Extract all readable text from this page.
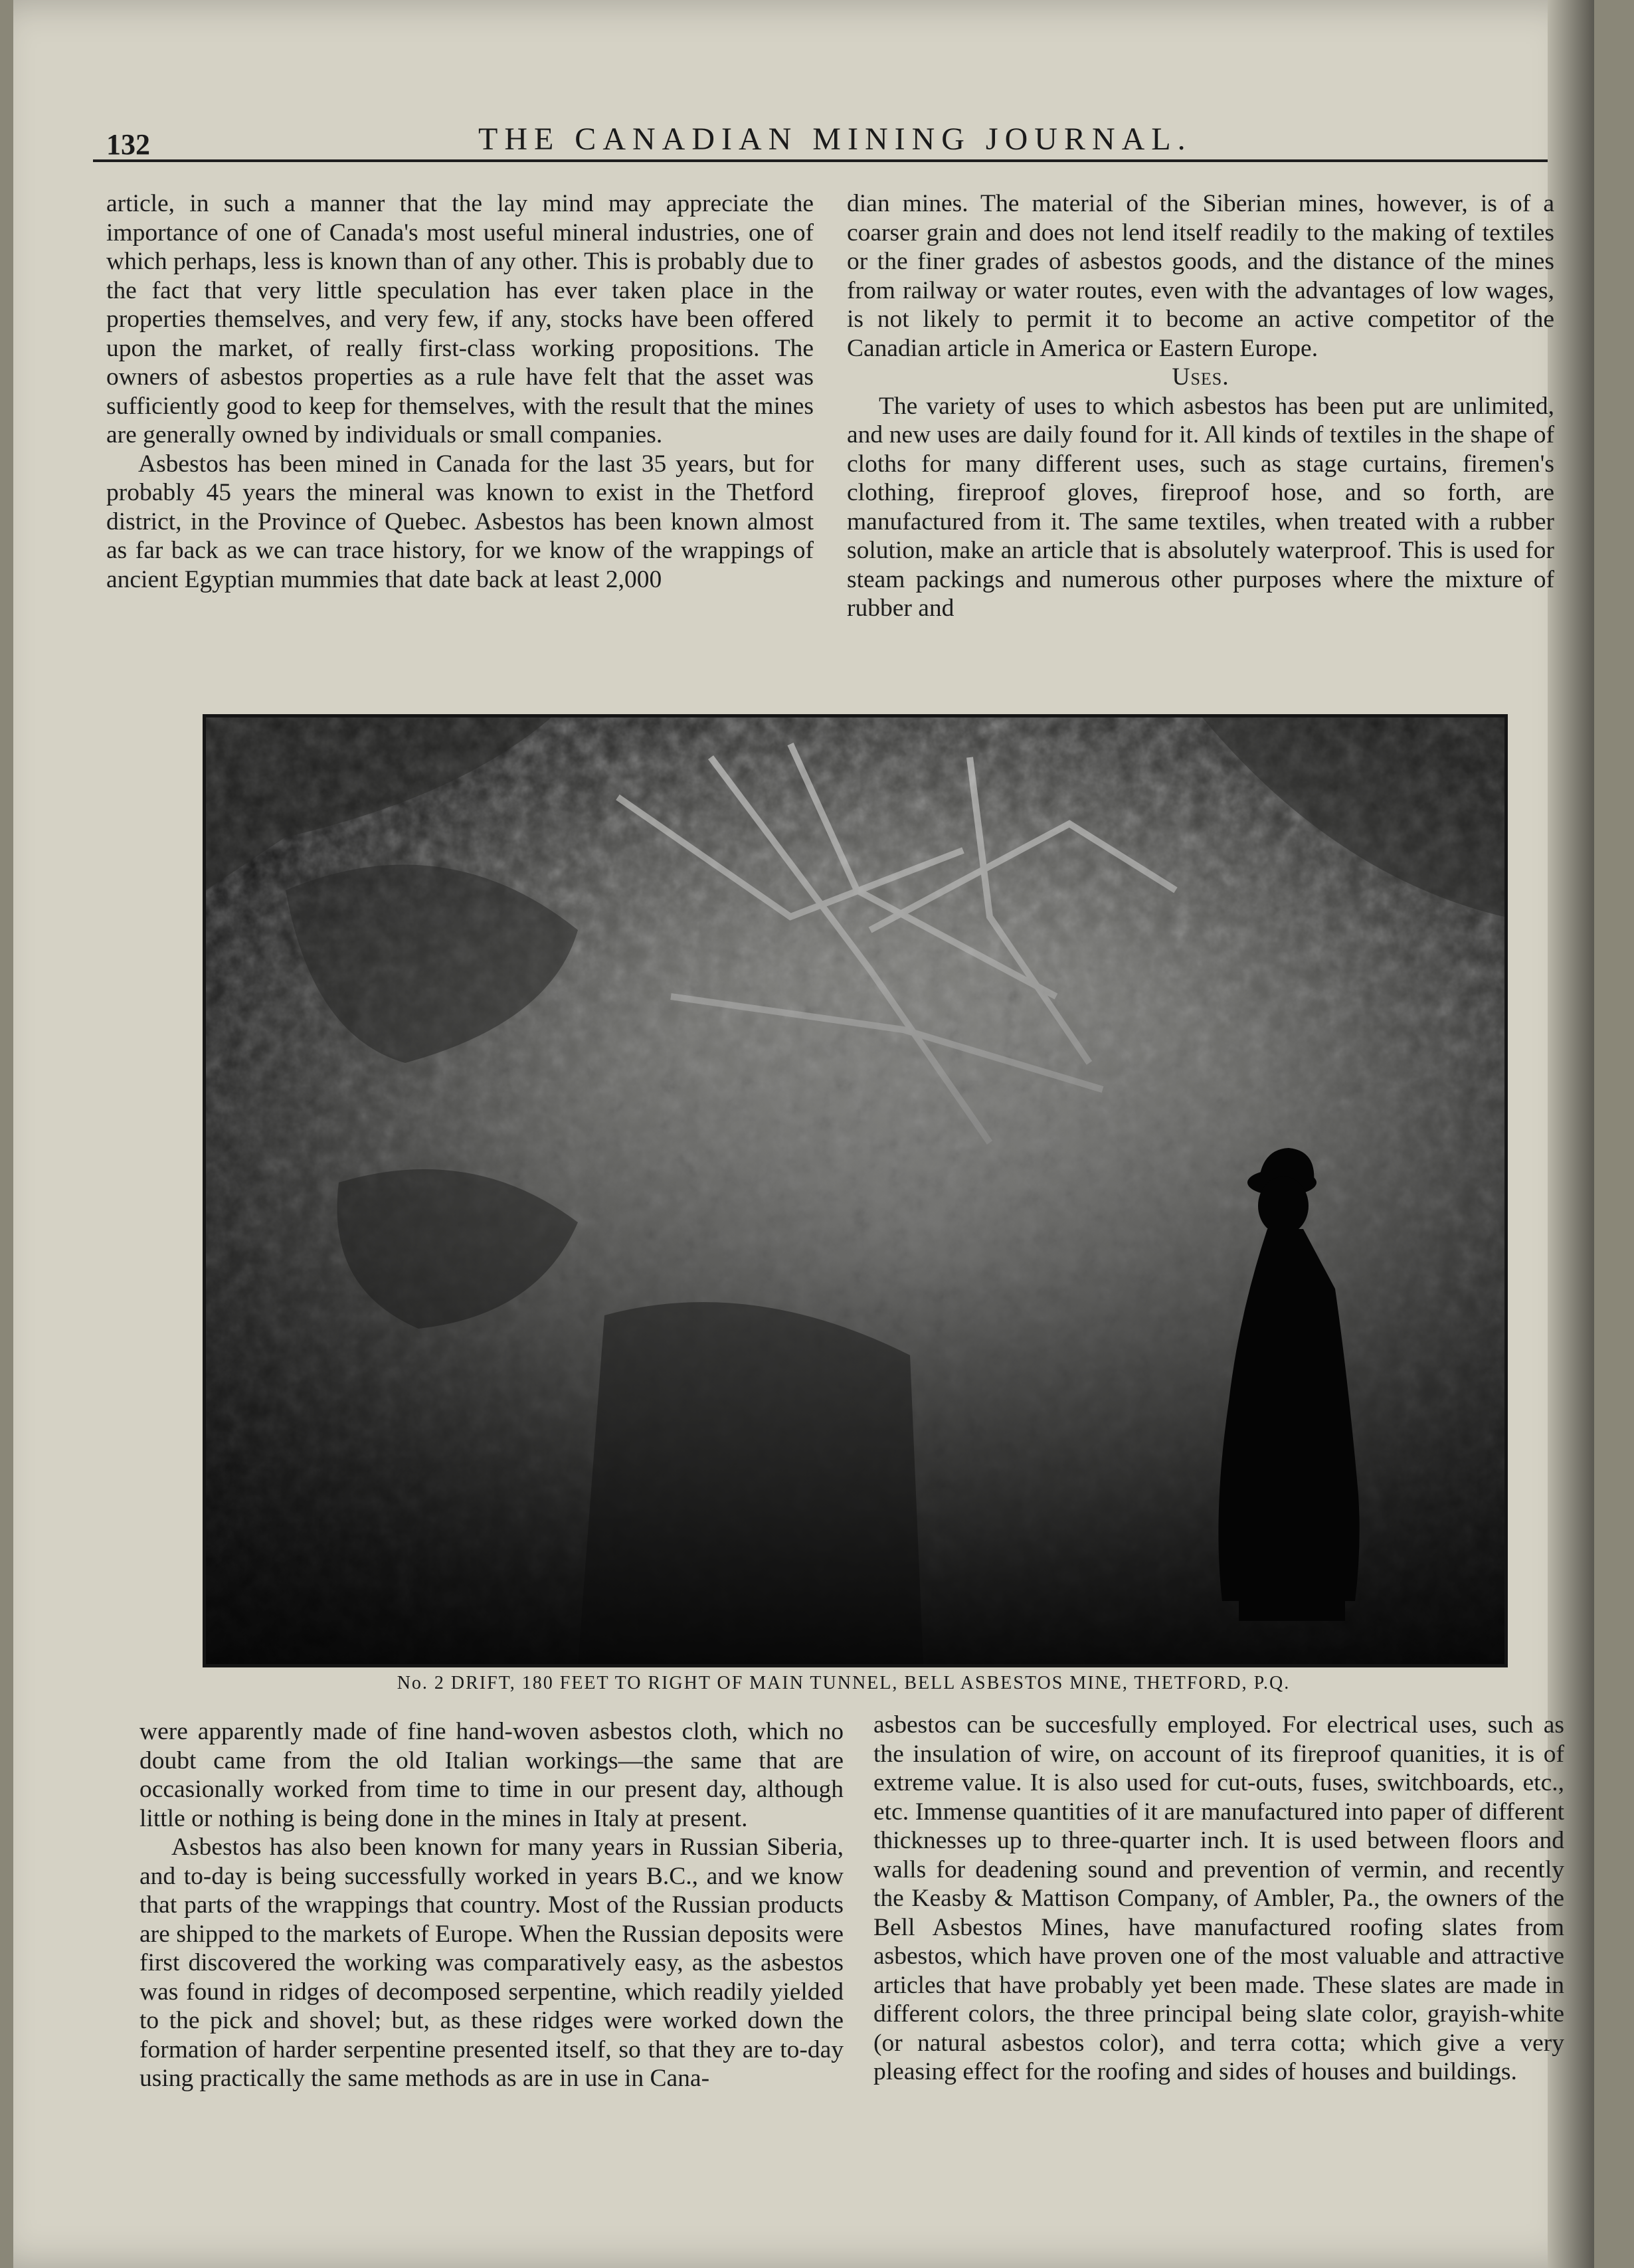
132	THE CANADIAN MINING JOURNAL.

article, in such a manner that the lay mind may appreciate the importance of one of Canada's most useful mineral industries, one of which perhaps, less is known than of any other. This is probably due to the fact that very little speculation has ever taken place in the properties themselves, and very few, if any, stocks have been offered upon the market, of really first-class working propositions. The owners of asbestos properties as a rule have felt that the asset was sufficiently good to keep for themselves, with the result that the mines are generally owned by individuals or small companies.

Asbestos has been mined in Canada for the last 35 years, but for probably 45 years the mineral was known to exist in the Thetford district, in the Province of Quebec. Asbestos has been known almost as far back as we can trace history, for we know of the wrappings of ancient Egyptian mummies that date back at least 2,000

dian mines. The material of the Siberian mines, however, is of a coarser grain and does not lend itself readily to the making of textiles or the finer grades of asbestos goods, and the distance of the mines from railway or water routes, even with the advantages of low wages, is not likely to permit it to become an active competitor of the Canadian article in America or Eastern Europe.

Uses.

The variety of uses to which asbestos has been put are unlimited, and new uses are daily found for it. All kinds of textiles in the shape of cloths for many different uses, such as stage curtains, firemen's clothing, fireproof gloves, fireproof hose, and so forth, are manufactured from it. The same textiles, when treated with a rubber solution, make an article that is absolutely waterproof. This is used for steam packings and numerous other purposes where the mixture of rubber and

No. 2 DRIFT, 180 FEET TO RIGHT OF MAIN TUNNEL, BELL ASBESTOS MINE, THETFORD, P.Q.

were apparently made of fine hand-woven asbestos cloth, which no doubt came from the old Italian workings—the same that are occasionally worked from time to time in our present day, although little or nothing is being done in the mines in Italy at present.

Asbestos has also been known for many years in Russian Siberia, and to-day is being successfully worked in years B.C., and we know that parts of the wrappings that country. Most of the Russian products are shipped to the markets of Europe. When the Russian deposits were first discovered the working was comparatively easy, as the asbestos was found in ridges of decomposed serpentine, which readily yielded to the pick and shovel; but, as these ridges were worked down the formation of harder serpentine presented itself, so that they are to-day using practically the same methods as are in use in Cana-

asbestos can be succesfully employed. For electrical uses, such as the insulation of wire, on account of its fireproof quanities, it is of extreme value. It is also used for cut-outs, fuses, switchboards, etc., etc. Immense quantities of it are manufactured into paper of different thicknesses up to three-quarter inch. It is used between floors and walls for deadening sound and prevention of vermin, and recently the Keasby & Mattison Company, of Ambler, Pa., the owners of the Bell Asbestos Mines, have manufactured roofing slates from asbestos, which have proven one of the most valuable and attractive articles that have probably yet been made. These slates are made in different colors, the three principal being slate color, grayish-white (or natural asbestos color), and terra cotta; which give a very pleasing effect for the roofing and sides of houses and buildings.
